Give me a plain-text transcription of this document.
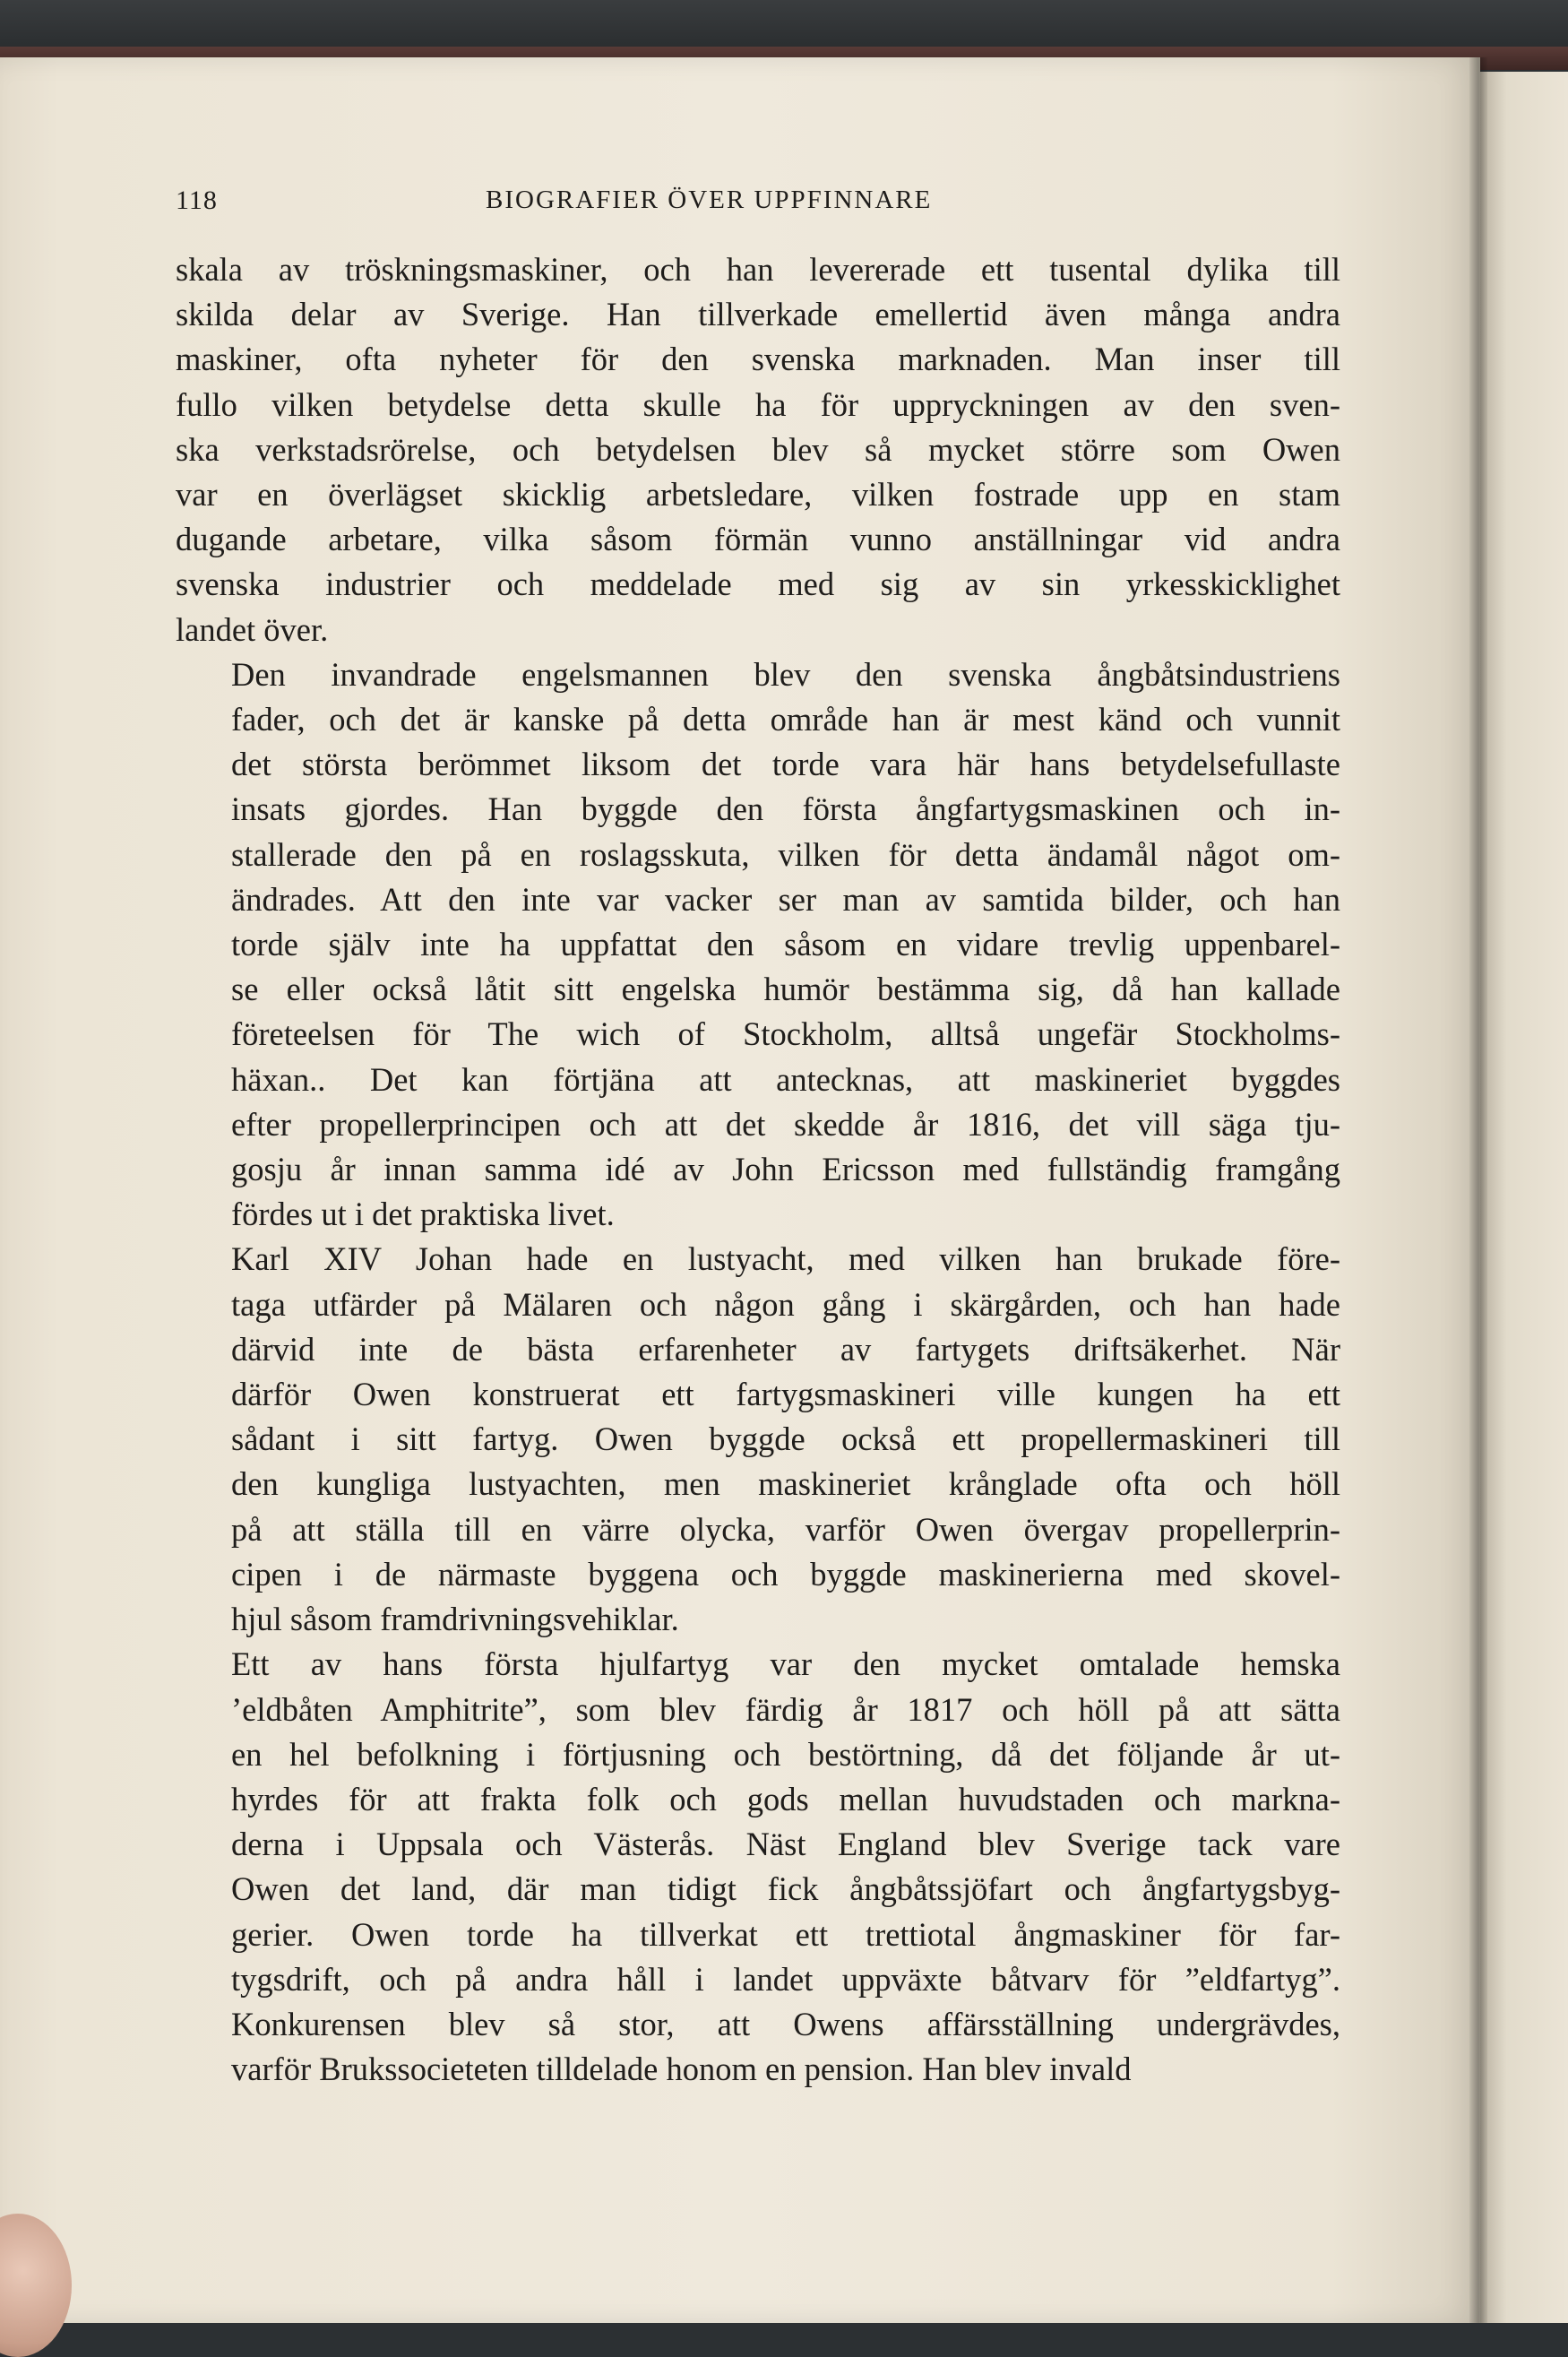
118	BIOGRAFIER ÖVER UPPFINNARE

skala av tröskningsmaskiner, och han levererade ett tusental dylika till
skilda delar av Sverige. Han tillverkade emellertid även många andra
maskiner, ofta nyheter för den svenska marknaden. Man inser till
fullo vilken betydelse detta skulle ha för uppryckningen av den sven-
ska verkstadsrörelse, och betydelsen blev så mycket större som Owen
var en överlägset skicklig arbetsledare, vilken fostrade upp en stam
dugande arbetare, vilka såsom förmän vunno anställningar vid andra
svenska industrier och meddelade med sig av sin yrkesskicklighet
landet över.

Den invandrade engelsmannen blev den svenska ångbåtsindustriens
fader, och det är kanske på detta område han är mest känd och vunnit
det största berömmet liksom det torde vara här hans betydelsefullaste
insats gjordes. Han byggde den första ångfartygsmaskinen och in-
stallerade den på en roslagsskuta, vilken för detta ändamål något om-
ändrades. Att den inte var vacker ser man av samtida bilder, och han
torde själv inte ha uppfattat den såsom en vidare trevlig uppenbarel-
se eller också låtit sitt engelska humör bestämma sig, då han kallade
företeelsen för The wich of Stockholm, alltså ungefär Stockholms-
häxan.. Det kan förtjäna att antecknas, att maskineriet byggdes
efter propellerprincipen och att det skedde år 1816, det vill säga tju-
gosju år innan samma idé av John Ericsson med fullständig framgång
fördes ut i det praktiska livet.

Karl XIV Johan hade en lustyacht, med vilken han brukade före-
taga utfärder på Mälaren och någon gång i skärgården, och han hade
därvid inte de bästa erfarenheter av fartygets driftsäkerhet. När
därför Owen konstruerat ett fartygsmaskineri ville kungen ha ett
sådant i sitt fartyg. Owen byggde också ett propellermaskineri till
den kungliga lustyachten, men maskineriet krånglade ofta och höll
på att ställa till en värre olycka, varför Owen övergav propellerprin-
cipen i de närmaste byggena och byggde maskinerierna med skovel-
hjul såsom framdrivningsvehiklar.

Ett av hans första hjulfartyg var den mycket omtalade hemska
’eldbåten Amphitrite”, som blev färdig år 1817 och höll på att sätta
en hel befolkning i förtjusning och bestörtning, då det följande år ut-
hyrdes för att frakta folk och gods mellan huvudstaden och markna-
derna i Uppsala och Västerås. Näst England blev Sverige tack vare
Owen det land, där man tidigt fick ångbåtssjöfart och ångfartygsbyg-
gerier. Owen torde ha tillverkat ett trettiotal ångmaskiner för far-
tygsdrift, och på andra håll i landet uppväxte båtvarv för ”eldfartyg”.
Konkurensen blev så stor, att Owens affärsställning undergrävdes,
varför Brukssocieteten tilldelade honom en pension. Han blev invald
